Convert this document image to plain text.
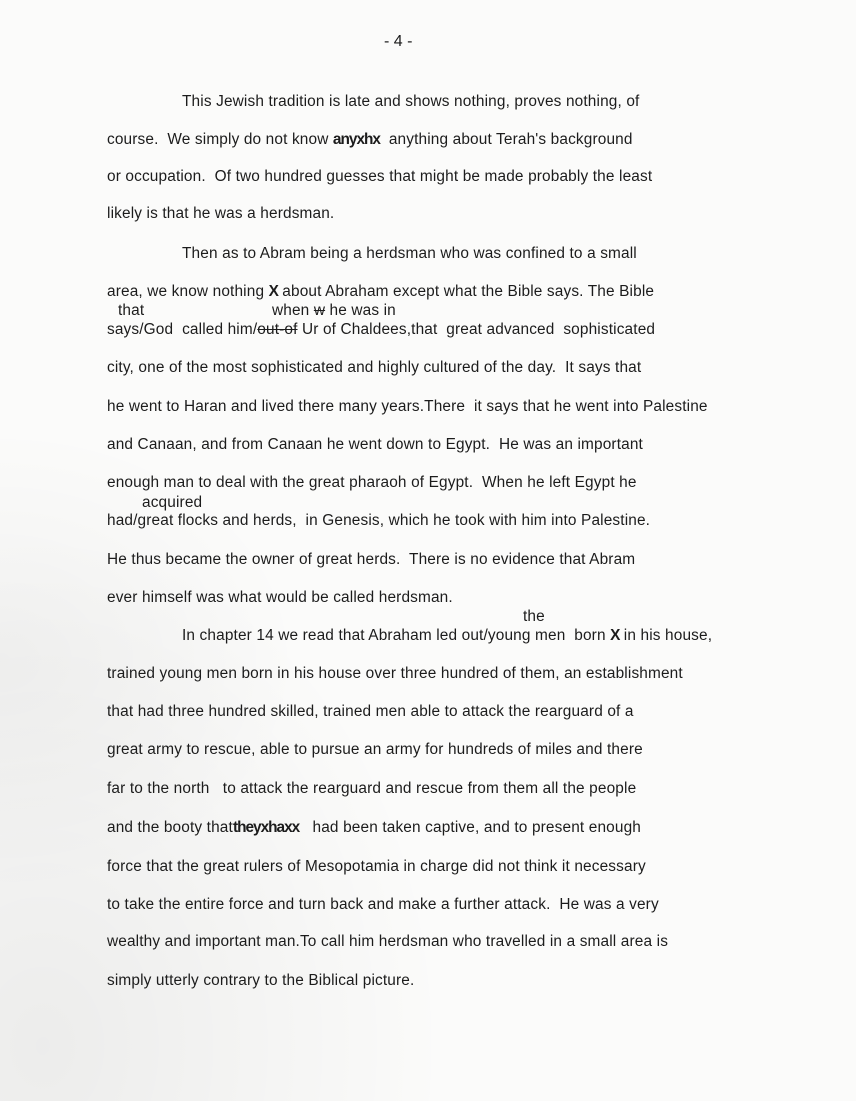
- 4 -
This Jewish tradition is late and shows nothing, proves nothing, of
course.  We simply do not know anyxhx  anything about Terah's background
or occupation.  Of two hundred guesses that might be made probably the least
likely is that he was a herdsman.
Then as to Abram being a herdsman who was confined to a small
area, we know nothing X about Abraham except what the Bible says. The Bible
that	when w he was in
says/God  called him/out-of Ur of Chaldees,that  great advanced  sophisticated
city, one of the most sophisticated and highly cultured of the day.  It says that
he went to Haran and lived there many years.There  it says that he went into Palestine
and Canaan, and from Canaan he went down to Egypt.  He was an important
enough man to deal with the great pharaoh of Egypt.  When he left Egypt he
acquired
had/great flocks and herds,  in Genesis, which he took with him into Palestine.
He thus became the owner of great herds.  There is no evidence that Abram
ever himself was what would be called herdsman.
the
In chapter 14 we read that Abraham led out/young men  born X in his house,
trained young men born in his house over three hundred of them, an establishment
that had three hundred skilled, trained men able to attack the rearguard of a
great army to rescue, able to pursue an army for hundreds of miles and there
far to the north   to attack the rearguard and rescue from them all the people
and the booty thattheyxhaxx   had been taken captive, and to present enough
force that the great rulers of Mesopotamia in charge did not think it necessary
to take the entire force and turn back and make a further attack.  He was a very
wealthy and important man.To call him herdsman who travelled in a small area is
simply utterly contrary to the Biblical picture.
